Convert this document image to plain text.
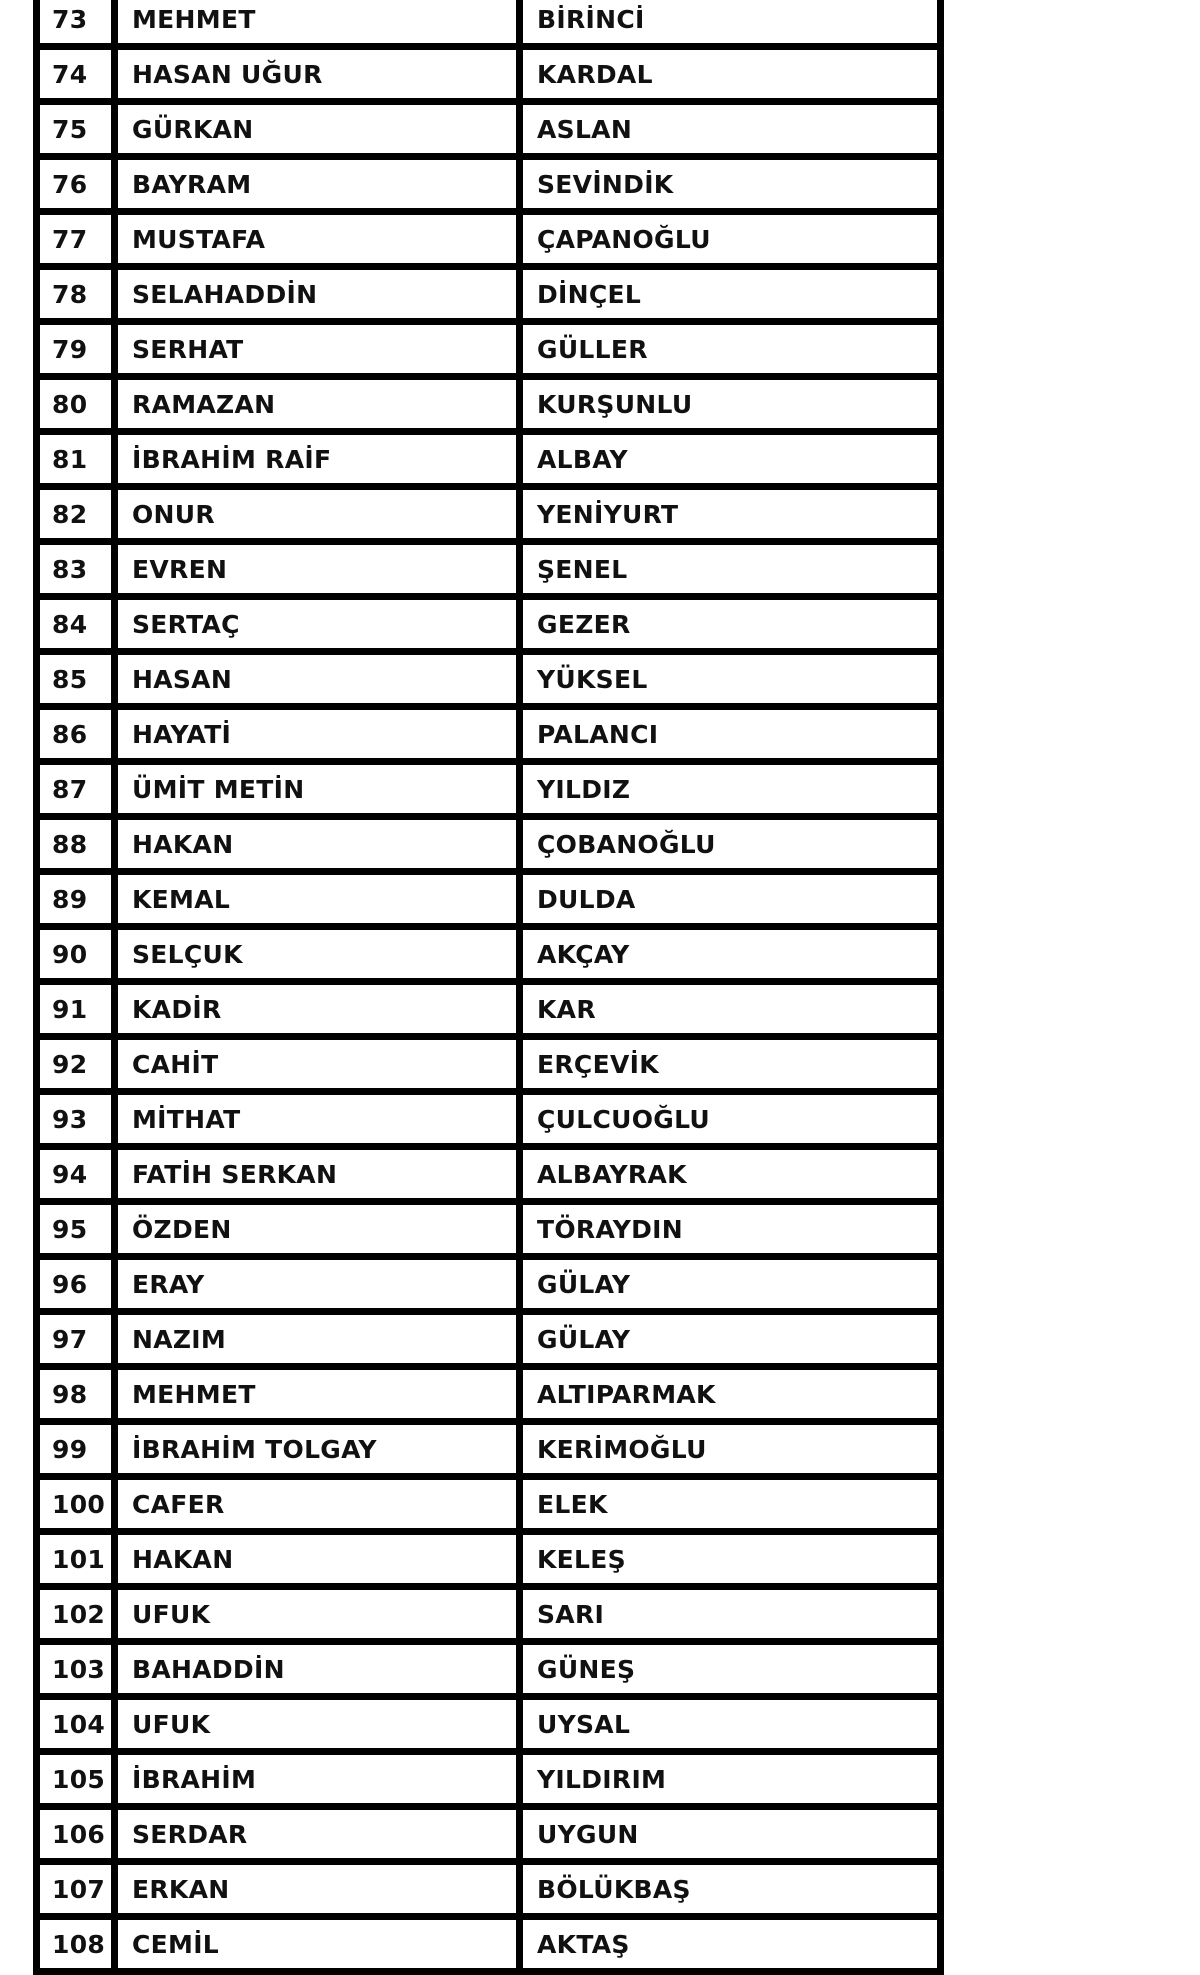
73	MEHMET	BİRİNCİ
74	HASAN UĞUR	KARDAL
75	GÜRKAN	ASLAN
76	BAYRAM	SEVİNDİK
77	MUSTAFA	ÇAPANOĞLU
78	SELAHADDİN	DİNÇEL
79	SERHAT	GÜLLER
80	RAMAZAN	KURŞUNLU
81	İBRAHİM RAİF	ALBAY
82	ONUR	YENİYURT
83	EVREN	ŞENEL
84	SERTAÇ	GEZER
85	HASAN	YÜKSEL
86	HAYATİ	PALANCI
87	ÜMİT METİN	YILDIZ
88	HAKAN	ÇOBANOĞLU
89	KEMAL	DULDA
90	SELÇUK	AKÇAY
91	KADİR	KAR
92	CAHİT	ERÇEVİK
93	MİTHAT	ÇULCUOĞLU
94	FATİH SERKAN	ALBAYRAK
95	ÖZDEN	TÖRAYDIN
96	ERAY	GÜLAY
97	NAZIM	GÜLAY
98	MEHMET	ALTIPARMAK
99	İBRAHİM TOLGAY	KERİMOĞLU
100	CAFER	ELEK
101	HAKAN	KELEŞ
102	UFUK	SARI
103	BAHADDİN	GÜNEŞ
104	UFUK	UYSAL
105	İBRAHİM	YILDIRIM
106	SERDAR	UYGUN
107	ERKAN	BÖLÜKBAŞ
108	CEMİL	AKTAŞ
